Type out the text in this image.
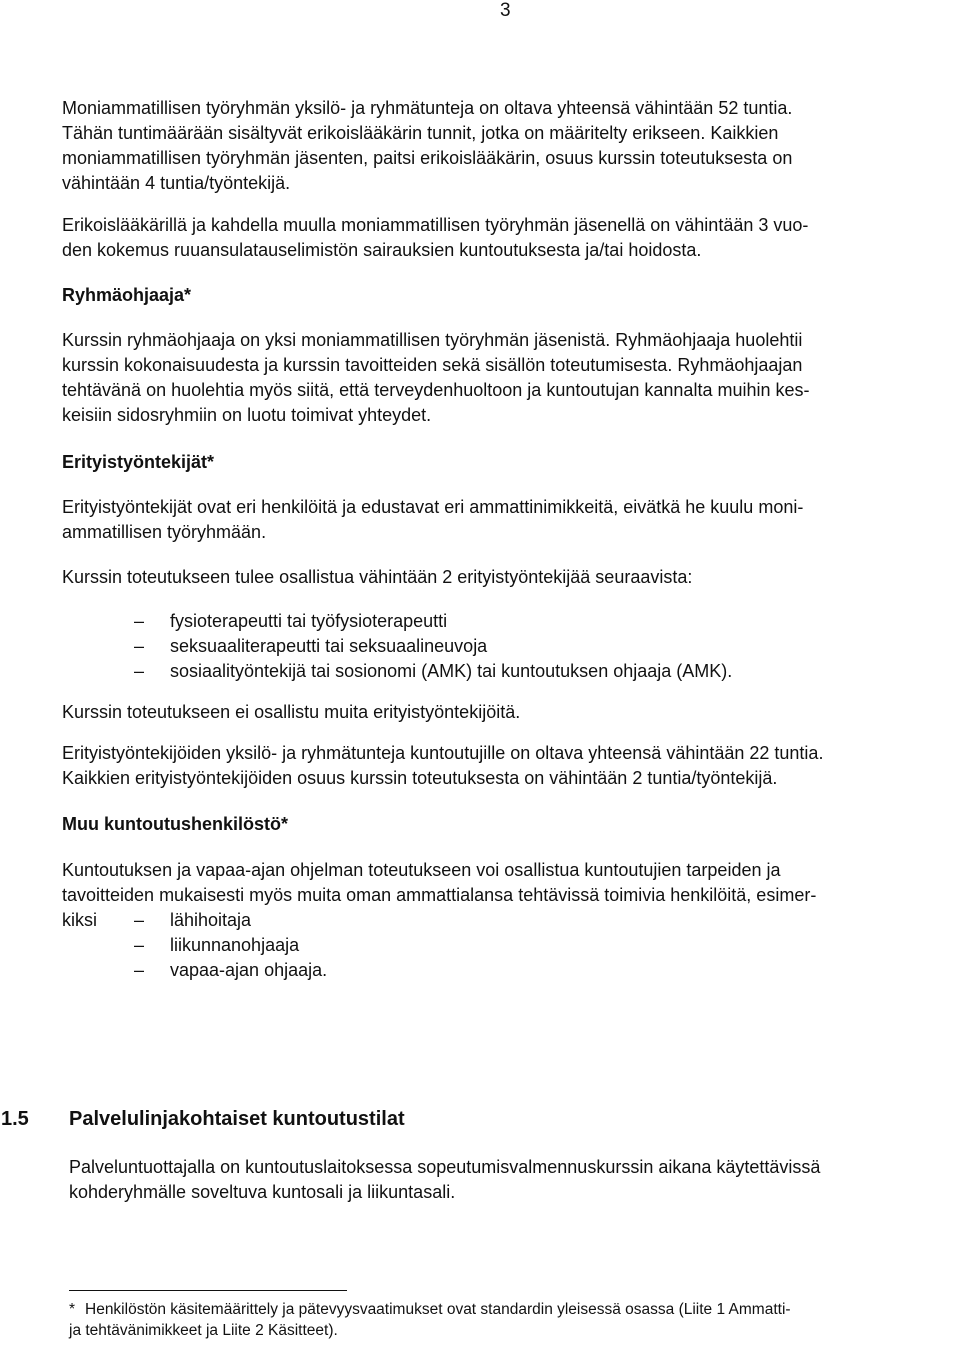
3
Moniammatillisen työryhmän yksilö- ja ryhmätunteja on oltava yhteensä vähintään 52 tuntia.
Tähän tuntimäärään sisältyvät erikoislääkärin tunnit, jotka on määritelty erikseen. Kaikkien
moniammatillisen työryhmän jäsenten, paitsi erikoislääkärin, osuus kurssin toteutuksesta on
vähintään 4 tuntia/työntekijä.
Erikoislääkärillä ja kahdella muulla moniammatillisen työryhmän jäsenellä on vähintään 3 vuo-
den kokemus ruuansulatauselimistön sairauksien kuntoutuksesta ja/tai hoidosta.
Ryhmäohjaaja*
Kurssin ryhmäohjaaja on yksi moniammatillisen työryhmän jäsenistä. Ryhmäohjaaja huolehtii
kurssin kokonaisuudesta ja kurssin tavoitteiden sekä sisällön toteutumisesta. Ryhmäohjaajan
tehtävänä on huolehtia myös siitä, että terveydenhuoltoon ja kuntoutujan kannalta muihin kes-
keisiin sidosryhmiin on luotu toimivat yhteydet.
Erityistyöntekijät*
Erityistyöntekijät ovat eri henkilöitä ja edustavat eri ammattinimikkeitä, eivätkä he kuulu moni-
ammatillisen työryhmään.
Kurssin toteutukseen tulee osallistua vähintään 2 erityistyöntekijää seuraavista:
– fysioterapeutti tai työfysioterapeutti
– seksuaaliterapeutti tai seksuaalineuvoja
– sosiaalityöntekijä tai sosionomi (AMK) tai kuntoutuksen ohjaaja (AMK).
Kurssin toteutukseen ei osallistu muita erityistyöntekijöitä.
Erityistyöntekijöiden yksilö- ja ryhmätunteja kuntoutujille on oltava yhteensä vähintään 22 tuntia.
Kaikkien erityistyöntekijöiden osuus kurssin toteutuksesta on vähintään 2 tuntia/työntekijä.
Muu kuntoutushenkilöstö*
Kuntoutuksen ja vapaa-ajan ohjelman toteutukseen voi osallistua kuntoutujien tarpeiden ja
tavoitteiden mukaisesti myös muita oman ammattialansa tehtävissä toimivia henkilöitä, esimer-
kiksi	– lähihoitaja
– liikunnanohjaaja
– vapaa-ajan ohjaaja.
1.5 Palvelulinjakohtaiset kuntoutustilat
Palveluntuottajalla on kuntoutuslaitoksessa sopeutumisvalmennuskurssin aikana käytettävissä
kohderyhmälle soveltuva kuntosali ja liikuntasali.
* Henkilöstön käsitemäärittely ja pätevyysvaatimukset ovat standardin yleisessä osassa (Liite 1 Ammatti-
ja tehtävänimikkeet ja Liite 2 Käsitteet).
